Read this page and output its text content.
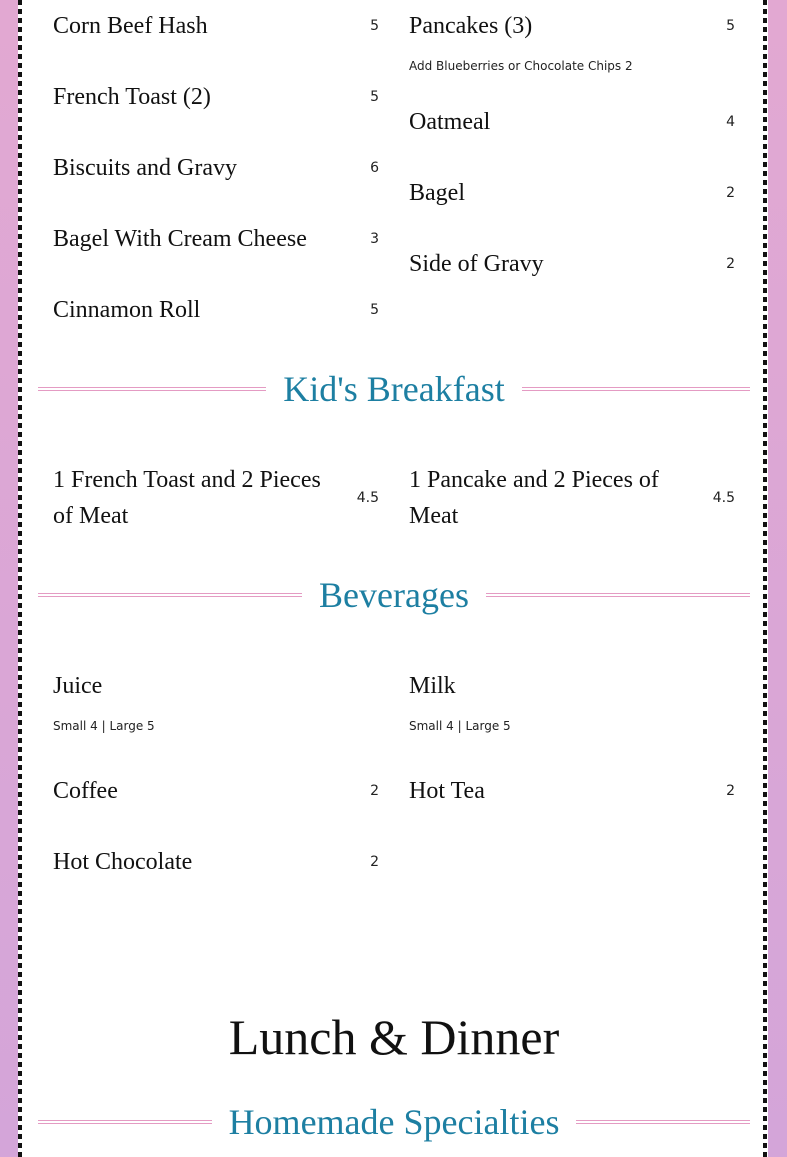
Corn Beef Hash	5
French Toast (2)	5
Biscuits and Gravy	6
Bagel With Cream Cheese	3
Cinnamon Roll	5
Pancakes (3)	5
Add Blueberries or Chocolate Chips 2
Oatmeal	4
Bagel	2
Side of Gravy	2
Kid's Breakfast
1 French Toast and 2 Pieces of Meat
4.5
1 Pancake and 2 Pieces of Meat
4.5
Beverages
Juice
Small 4 | Large 5
Coffee	2
Hot Chocolate	2
Milk
Small 4 | Large 5
Hot Tea	2
Lunch & Dinner
Homemade Specialties
